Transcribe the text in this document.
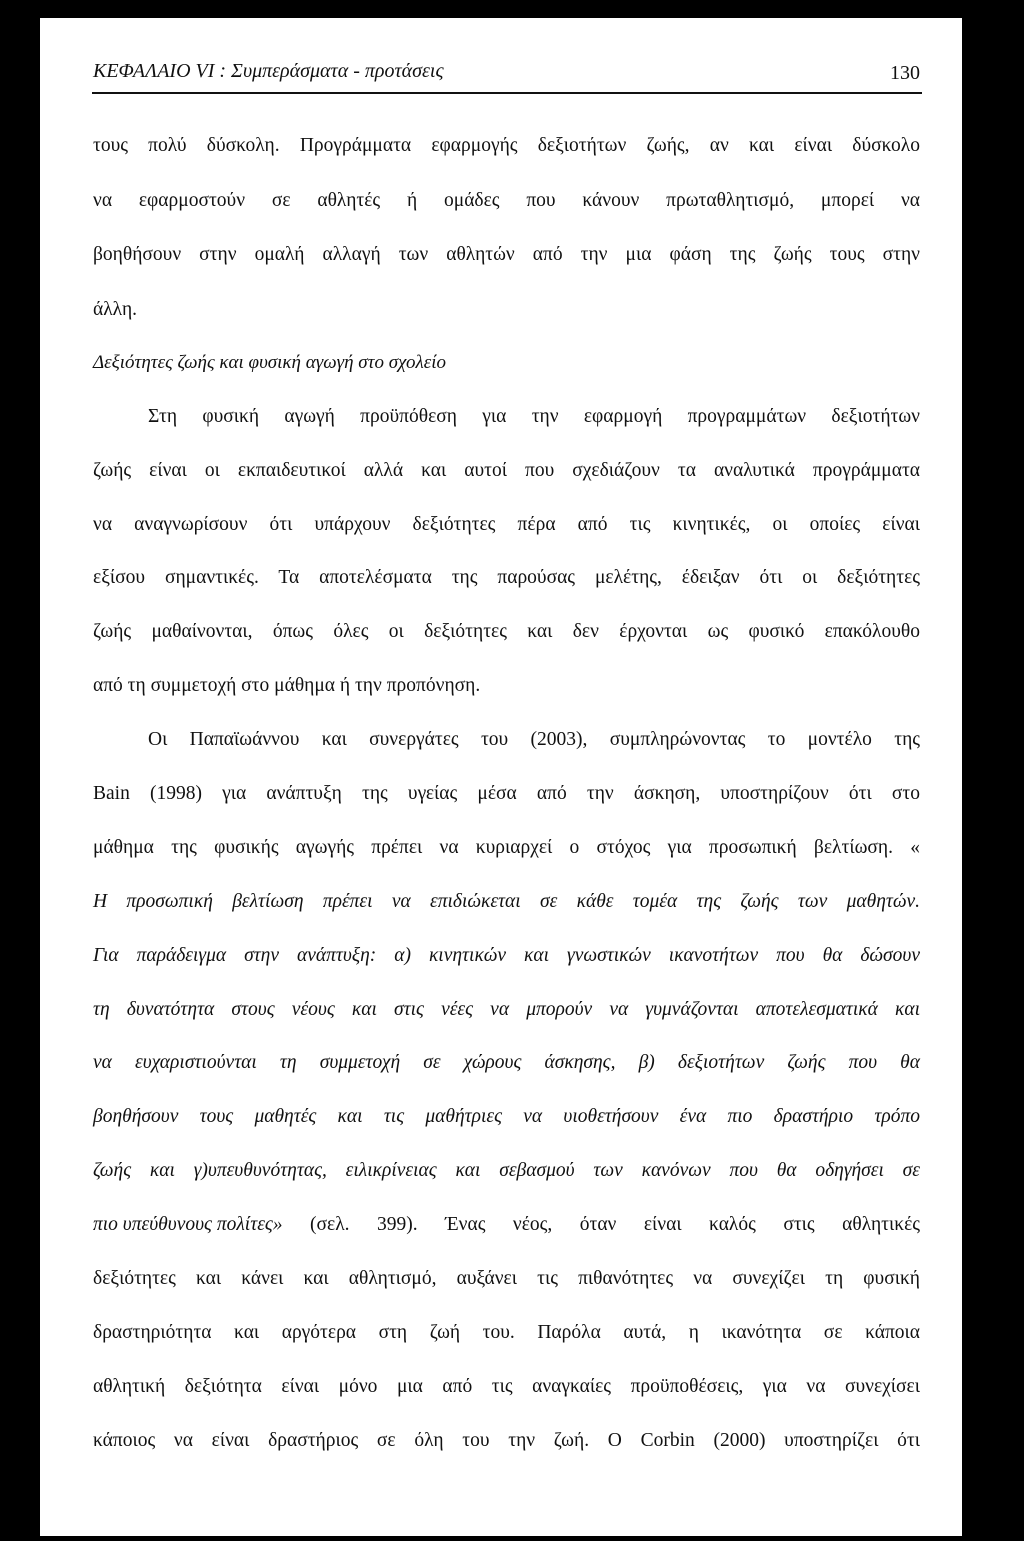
ΚΕΦΑΛΑΙΟ VI : Συμπεράσματα - προτάσεις	130
τους πολύ δύσκολη. Προγράμματα εφαρμογής δεξιοτήτων ζωής, αν και είναι δύσκολο
να εφαρμοστούν σε αθλητές ή ομάδες που κάνουν πρωταθλητισμό, μπορεί να
βοηθήσουν στην ομαλή αλλαγή των αθλητών από την μια φάση της ζωής τους στην
άλλη.
Δεξιότητες ζωής και φυσική αγωγή στο σχολείο
Στη φυσική αγωγή προϋπόθεση για την εφαρμογή προγραμμάτων δεξιοτήτων
ζωής είναι οι εκπαιδευτικοί αλλά και αυτοί που σχεδιάζουν τα αναλυτικά προγράμματα
να αναγνωρίσουν ότι υπάρχουν δεξιότητες πέρα από τις κινητικές, οι οποίες είναι
εξίσου σημαντικές. Τα αποτελέσματα της παρούσας μελέτης, έδειξαν ότι οι δεξιότητες
ζωής μαθαίνονται, όπως όλες οι δεξιότητες και δεν έρχονται ως φυσικό επακόλουθο
από τη συμμετοχή στο μάθημα ή την προπόνηση.
Οι Παπαϊωάννου και συνεργάτες του (2003), συμπληρώνοντας το μοντέλο της
Bain (1998) για ανάπτυξη της υγείας μέσα από την άσκηση, υποστηρίζουν ότι στο
μάθημα της φυσικής αγωγής πρέπει να κυριαρχεί ο στόχος για προσωπική βελτίωση. «
Η προσωπική βελτίωση πρέπει να επιδιώκεται σε κάθε τομέα της ζωής των μαθητών.
Για παράδειγμα στην ανάπτυξη: α) κινητικών και γνωστικών ικανοτήτων που θα δώσουν
τη δυνατότητα στους νέους και στις νέες να μπορούν να γυμνάζονται αποτελεσματικά και
να ευχαριστιούνται τη συμμετοχή σε χώρους άσκησης, β) δεξιοτήτων ζωής που θα
βοηθήσουν τους μαθητές και τις μαθήτριες να υιοθετήσουν ένα πιο δραστήριο τρόπο
ζωής και γ)υπευθυνότητας, ειλικρίνειας και σεβασμού των κανόνων που θα οδηγήσει σε
πιο υπεύθυνους πολίτες» (σελ. 399). Ένας νέος, όταν είναι καλός στις αθλητικές
δεξιότητες και κάνει και αθλητισμό, αυξάνει τις πιθανότητες να συνεχίζει τη φυσική
δραστηριότητα και αργότερα στη ζωή του. Παρόλα αυτά, η ικανότητα σε κάποια
αθλητική δεξιότητα είναι μόνο μια από τις αναγκαίες προϋποθέσεις, για να συνεχίσει
κάποιος να είναι δραστήριος σε όλη του την ζωή. Ο Corbin (2000) υποστηρίζει ότι
